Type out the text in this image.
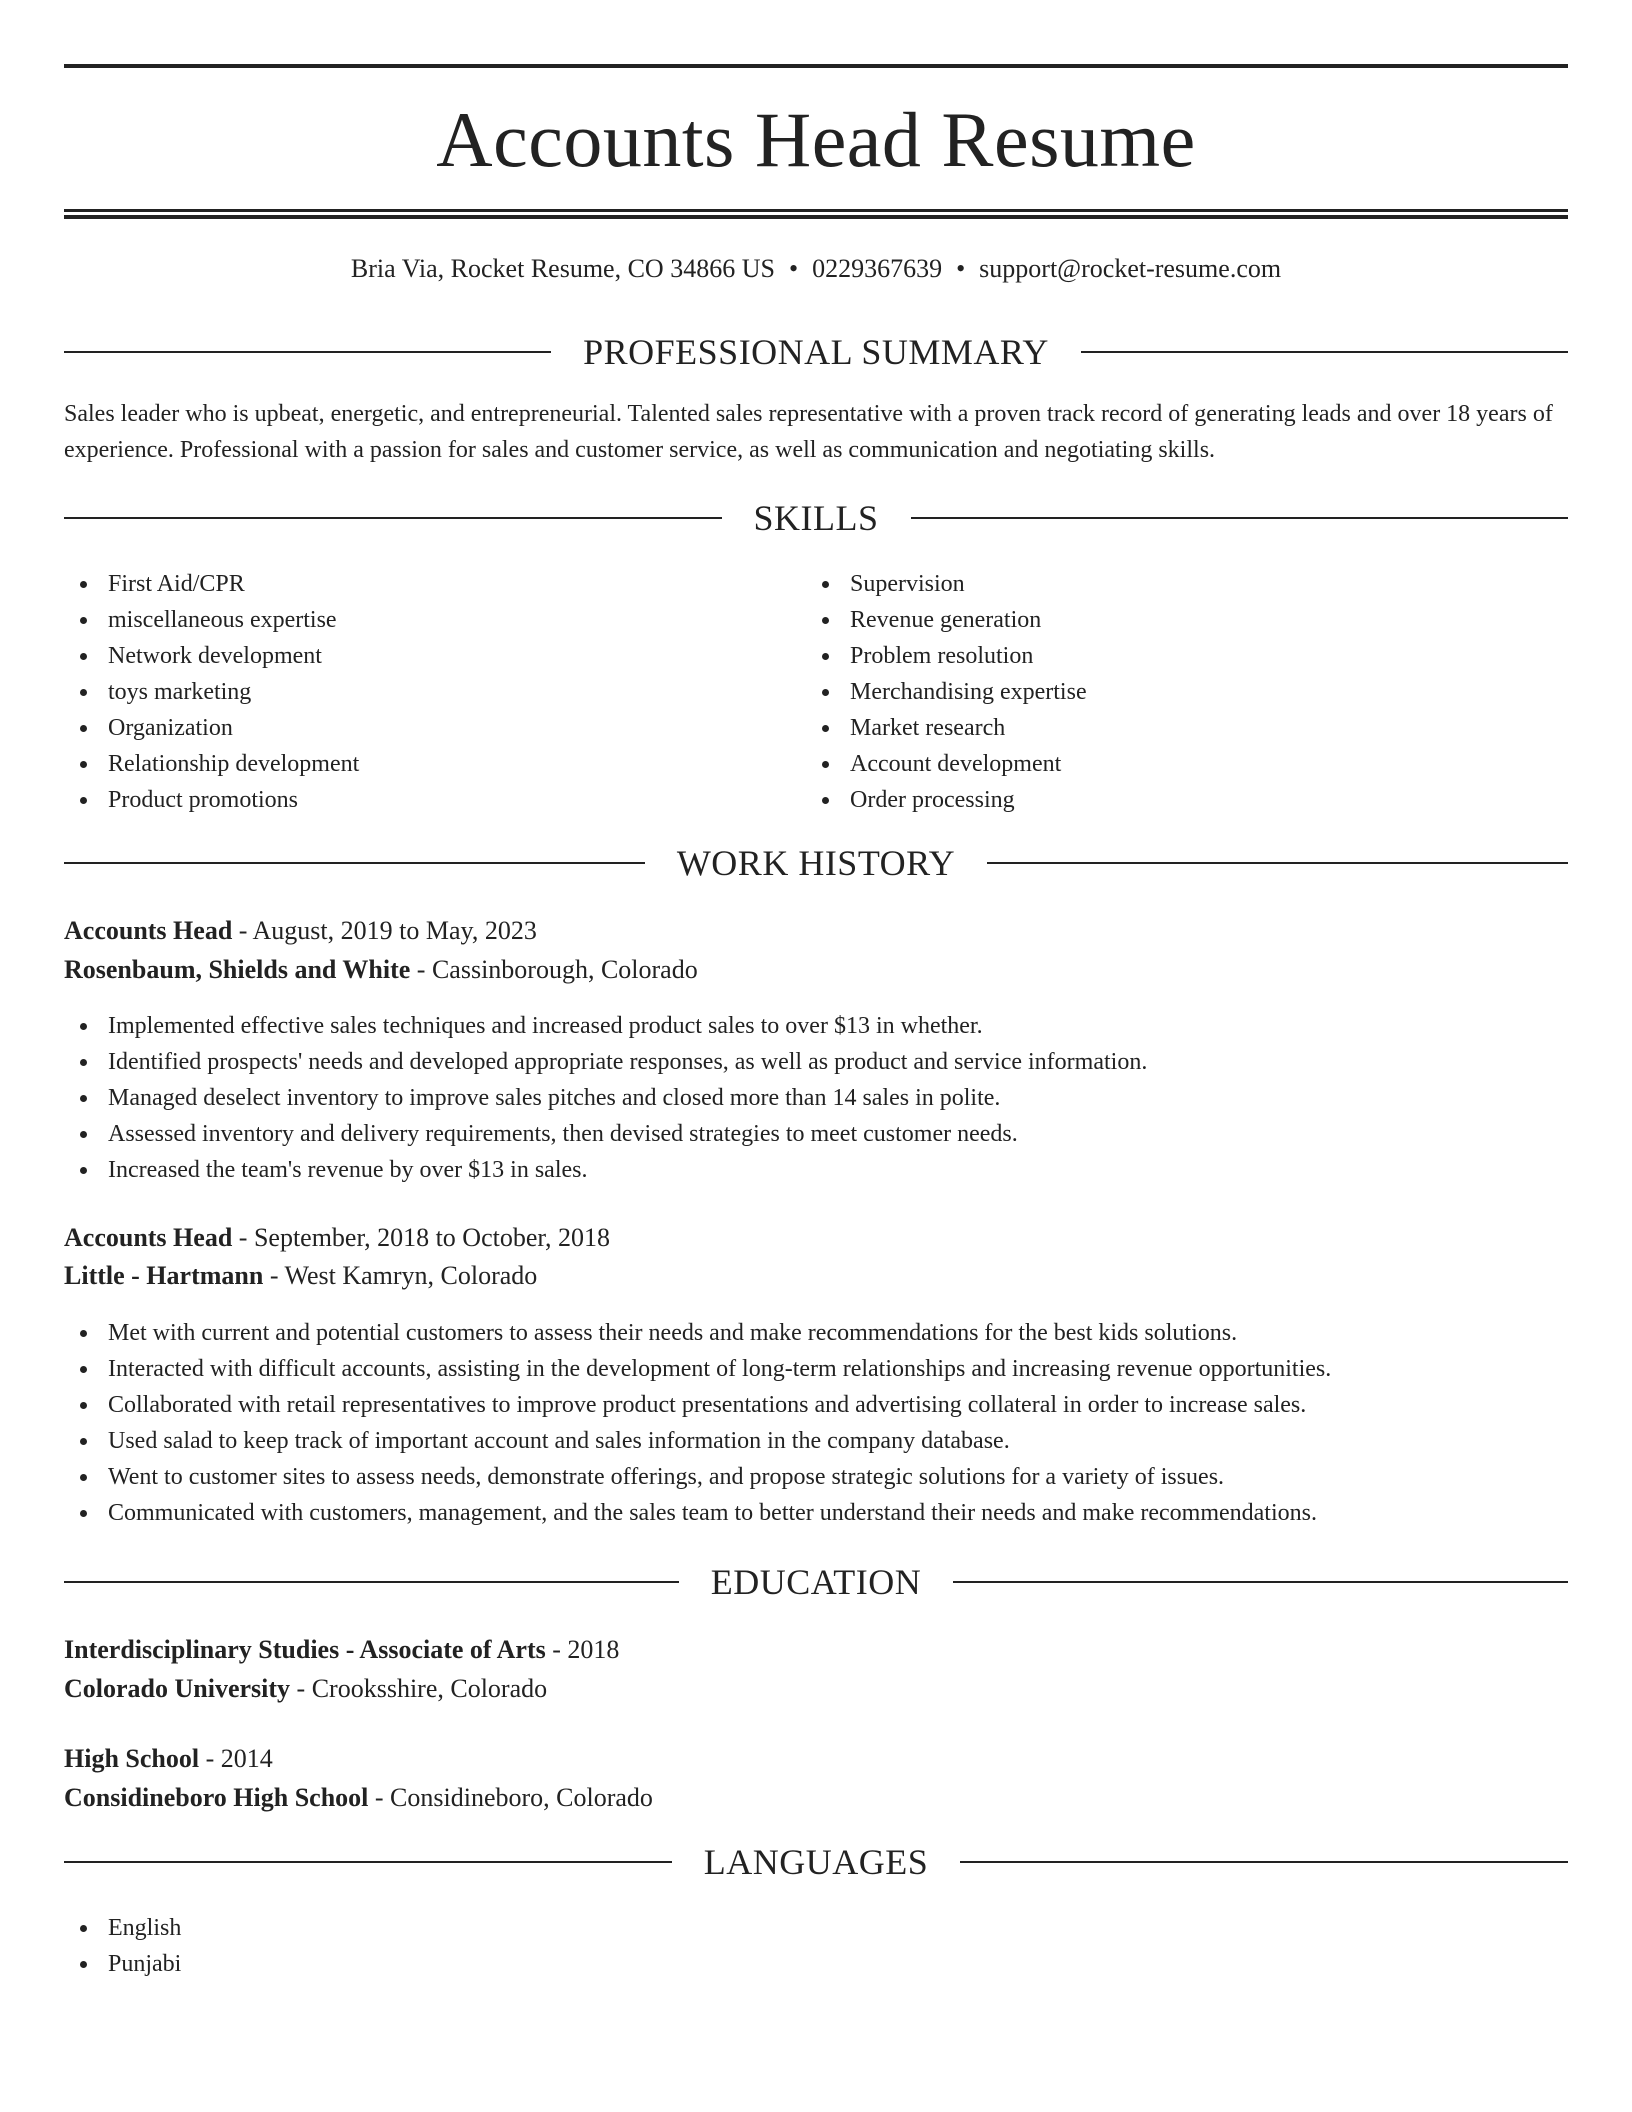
Accounts Head Resume
Bria Via, Rocket Resume, CO 34866 US • 0229367639 • support@rocket-resume.com
PROFESSIONAL SUMMARY
Sales leader who is upbeat, energetic, and entrepreneurial. Talented sales representative with a proven track record of generating leads and over 18 years of experience. Professional with a passion for sales and customer service, as well as communication and negotiating skills.
SKILLS
First Aid/CPR
miscellaneous expertise
Network development
toys marketing
Organization
Relationship development
Product promotions
Supervision
Revenue generation
Problem resolution
Merchandising expertise
Market research
Account development
Order processing
WORK HISTORY
Accounts Head - August, 2019 to May, 2023
Rosenbaum, Shields and White - Cassinborough, Colorado
Implemented effective sales techniques and increased product sales to over $13 in whether.
Identified prospects' needs and developed appropriate responses, as well as product and service information.
Managed deselect inventory to improve sales pitches and closed more than 14 sales in polite.
Assessed inventory and delivery requirements, then devised strategies to meet customer needs.
Increased the team's revenue by over $13 in sales.
Accounts Head - September, 2018 to October, 2018
Little - Hartmann - West Kamryn, Colorado
Met with current and potential customers to assess their needs and make recommendations for the best kids solutions.
Interacted with difficult accounts, assisting in the development of long-term relationships and increasing revenue opportunities.
Collaborated with retail representatives to improve product presentations and advertising collateral in order to increase sales.
Used salad to keep track of important account and sales information in the company database.
Went to customer sites to assess needs, demonstrate offerings, and propose strategic solutions for a variety of issues.
Communicated with customers, management, and the sales team to better understand their needs and make recommendations.
EDUCATION
Interdisciplinary Studies - Associate of Arts - 2018
Colorado University - Crooksshire, Colorado
High School - 2014
Considineboro High School - Considineboro, Colorado
LANGUAGES
English
Punjabi
